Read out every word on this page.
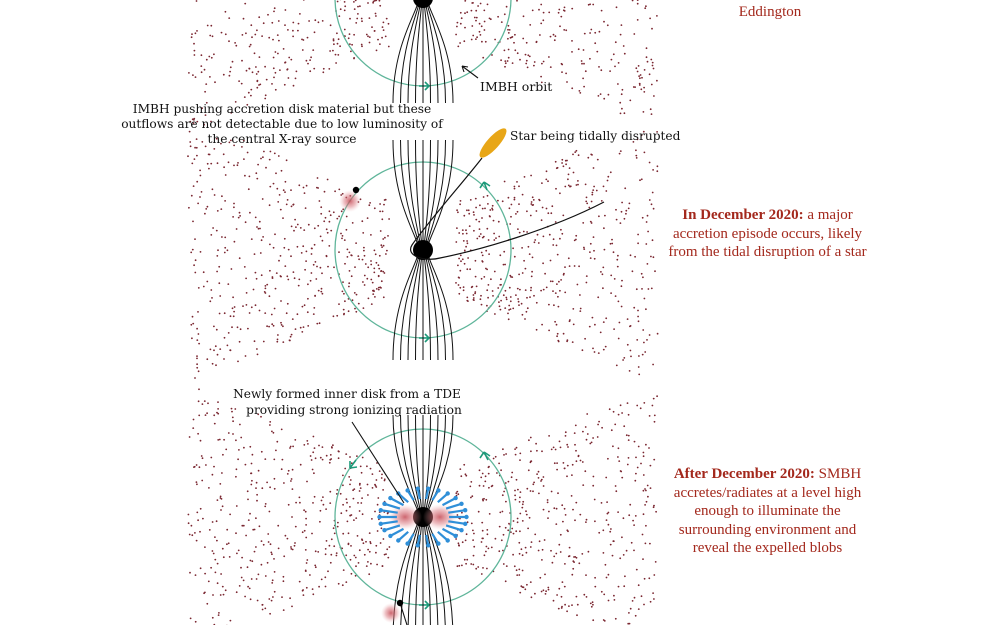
IMBH orbit
IMBH pushing accretion disk material but these
outflows are not detectable due to low luminosity of
the central X-ray source	Star being tidally disrupted
Newly formed inner disk from a TDE
providing strong ionizing radiation
Eddington
In December 2020: a major
accretion episode occurs, likely
from the tidal disruption of a star
After December 2020: SMBH
accretes/radiates at a level high
enough to illuminate the
surrounding environment and
reveal the expelled blobs
